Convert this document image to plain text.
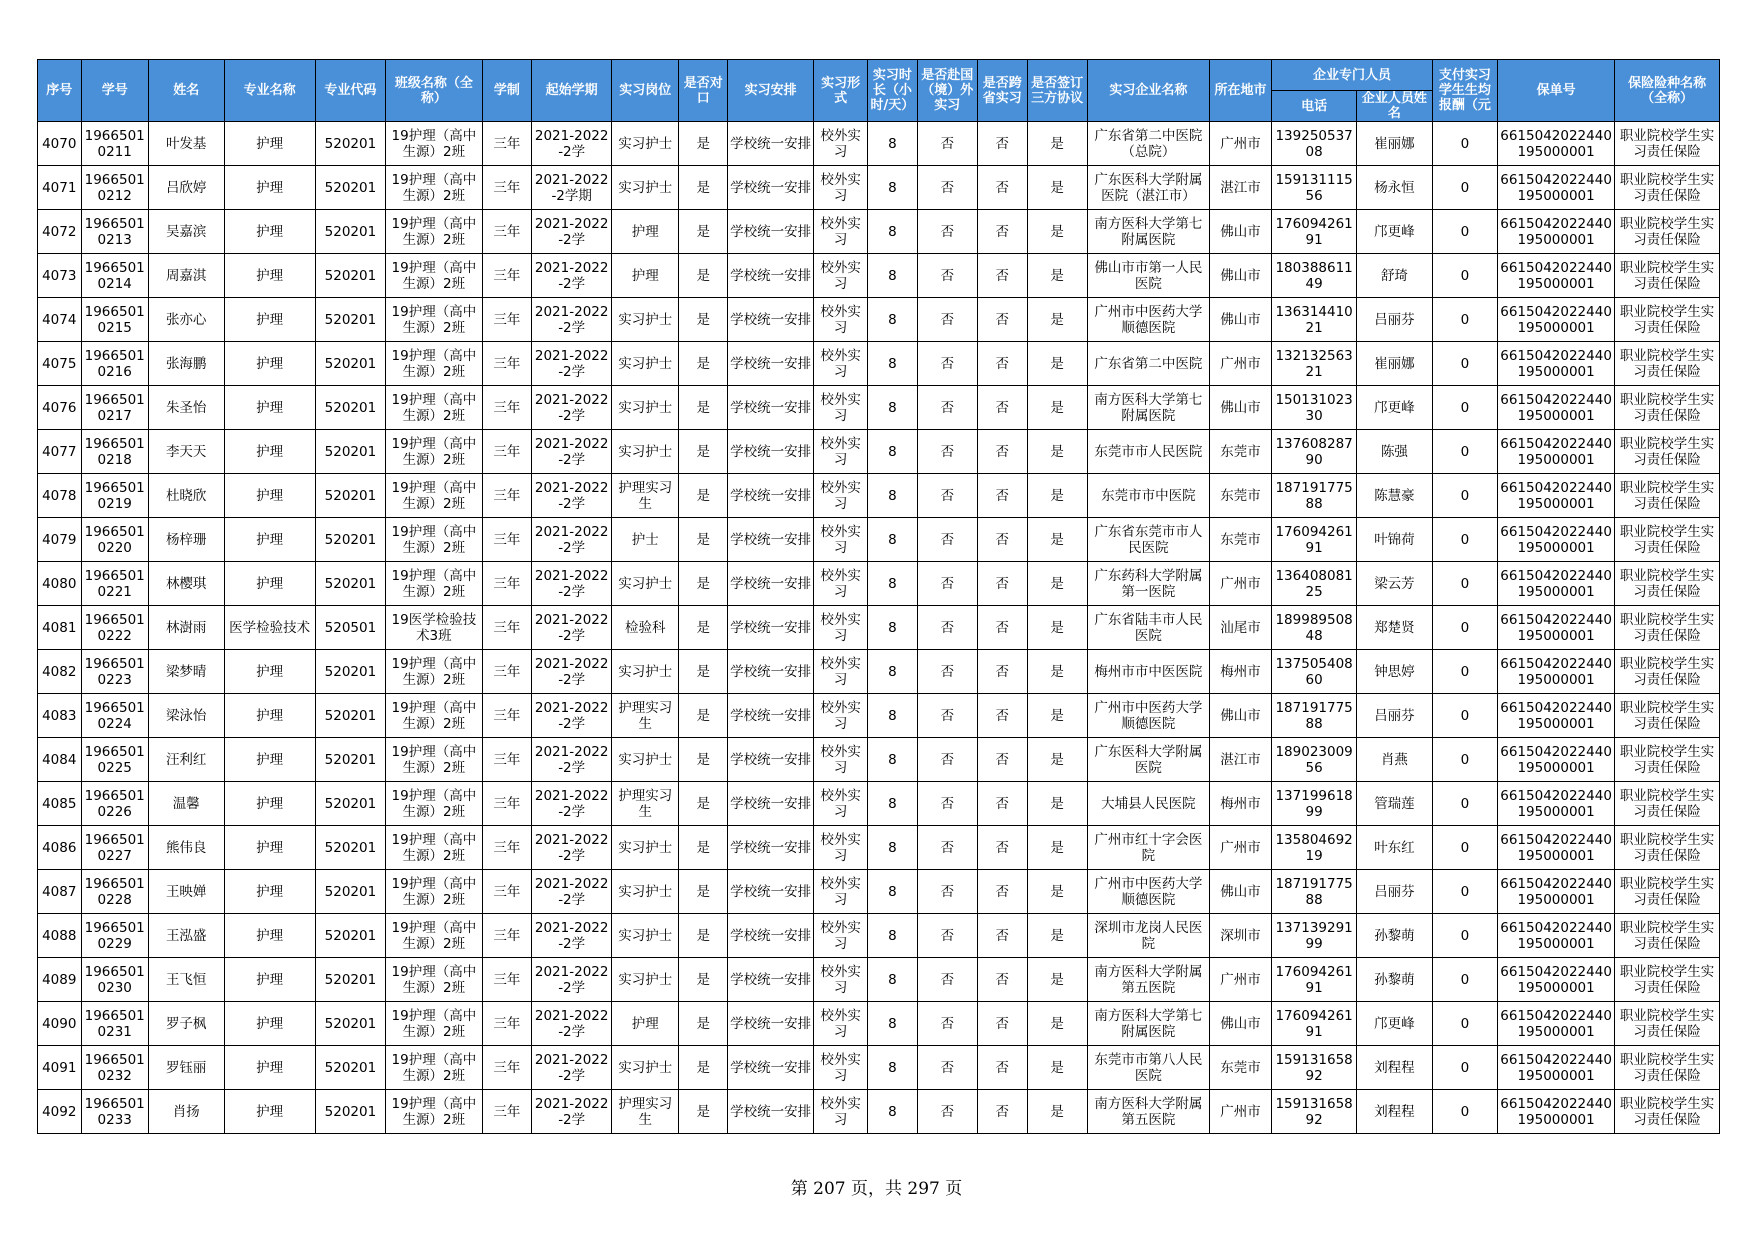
序号	学号	姓名	专业名称	专业代码	班级名称（全称）	学制	起始学期	实习岗位	是否对口	实习安排	实习形式	实习时长（小时/天）	是否赴国（境）外实习	是否跨省实习	是否签订三方协议	实习企业名称	所在地市	企业专门人员		支付实习学生生均报酬（元	保单号	保险险种名称（全称）
																		电话	企业人员姓名			

4070	19665010211	叶发基	护理	520201	19护理（高中生源）2班	三年	2021-2022-2学	实习护士	是	学校统一安排	校外实习	8	否	否	是	广东省第二中医院（总院）	广州市	13925053708	崔丽娜	0	6615042022440195000001	职业院校学生实习责任保险

4071	19665010212	吕欣婷	护理	520201	19护理（高中生源）2班	三年	2021-2022-2学期	实习护士	是	学校统一安排	校外实习	8	否	否	是	广东医科大学附属医院（湛江市）	湛江市	15913111556	杨永恒	0	6615042022440195000001	职业院校学生实习责任保险

4072	19665010213	吴嘉滨	护理	520201	19护理（高中生源）2班	三年	2021-2022-2学	护理	是	学校统一安排	校外实习	8	否	否	是	南方医科大学第七附属医院	佛山市	17609426191	邝更峰	0	6615042022440195000001	职业院校学生实习责任保险

4073	19665010214	周嘉淇	护理	520201	19护理（高中生源）2班	三年	2021-2022-2学	护理	是	学校统一安排	校外实习	8	否	否	是	佛山市市第一人民医院	佛山市	18038861149	舒琦	0	6615042022440195000001	职业院校学生实习责任保险

4074	19665010215	张亦心	护理	520201	19护理（高中生源）2班	三年	2021-2022-2学	实习护士	是	学校统一安排	校外实习	8	否	否	是	广州市中医药大学顺德医院	佛山市	13631441021	吕丽芬	0	6615042022440195000001	职业院校学生实习责任保险

4075	19665010216	张海鹏	护理	520201	19护理（高中生源）2班	三年	2021-2022-2学	实习护士	是	学校统一安排	校外实习	8	否	否	是	广东省第二中医院	广州市	13213256321	崔丽娜	0	6615042022440195000001	职业院校学生实习责任保险

4076	19665010217	朱圣怡	护理	520201	19护理（高中生源）2班	三年	2021-2022-2学	实习护士	是	学校统一安排	校外实习	8	否	否	是	南方医科大学第七附属医院	佛山市	15013102330	邝更峰	0	6615042022440195000001	职业院校学生实习责任保险

4077	19665010218	李天天	护理	520201	19护理（高中生源）2班	三年	2021-2022-2学	实习护士	是	学校统一安排	校外实习	8	否	否	是	东莞市市人民医院	东莞市	13760828790	陈强	0	6615042022440195000001	职业院校学生实习责任保险

4078	19665010219	杜晓欣	护理	520201	19护理（高中生源）2班	三年	2021-2022-2学	护理实习生	是	学校统一安排	校外实习	8	否	否	是	东莞市市中医院	东莞市	18719177588	陈慧豪	0	6615042022440195000001	职业院校学生实习责任保险

4079	19665010220	杨梓珊	护理	520201	19护理（高中生源）2班	三年	2021-2022-2学	护士	是	学校统一安排	校外实习	8	否	否	是	广东省东莞市市人民医院	东莞市	17609426191	叶锦荷	0	6615042022440195000001	职业院校学生实习责任保险

4080	19665010221	林樱琪	护理	520201	19护理（高中生源）2班	三年	2021-2022-2学	实习护士	是	学校统一安排	校外实习	8	否	否	是	广东药科大学附属第一医院	广州市	13640808125	梁云芳	0	6615042022440195000001	职业院校学生实习责任保险

4081	19665010222	林澍雨	医学检验技术	520501	19医学检验技术3班	三年	2021-2022-2学	检验科	是	学校统一安排	校外实习	8	否	否	是	广东省陆丰市人民医院	汕尾市	18998950848	郑楚贤	0	6615042022440195000001	职业院校学生实习责任保险

4082	19665010223	梁梦晴	护理	520201	19护理（高中生源）2班	三年	2021-2022-2学	实习护士	是	学校统一安排	校外实习	8	否	否	是	梅州市市中医医院	梅州市	13750540860	钟思婷	0	6615042022440195000001	职业院校学生实习责任保险

4083	19665010224	梁泳怡	护理	520201	19护理（高中生源）2班	三年	2021-2022-2学	护理实习生	是	学校统一安排	校外实习	8	否	否	是	广州市中医药大学顺德医院	佛山市	18719177588	吕丽芬	0	6615042022440195000001	职业院校学生实习责任保险

4084	19665010225	汪利红	护理	520201	19护理（高中生源）2班	三年	2021-2022-2学	实习护士	是	学校统一安排	校外实习	8	否	否	是	广东医科大学附属医院	湛江市	18902300956	肖燕	0	6615042022440195000001	职业院校学生实习责任保险

4085	19665010226	温馨	护理	520201	19护理（高中生源）2班	三年	2021-2022-2学	护理实习生	是	学校统一安排	校外实习	8	否	否	是	大埔县人民医院	梅州市	13719961899	管瑞莲	0	6615042022440195000001	职业院校学生实习责任保险

4086	19665010227	熊伟良	护理	520201	19护理（高中生源）2班	三年	2021-2022-2学	实习护士	是	学校统一安排	校外实习	8	否	否	是	广州市红十字会医院	广州市	13580469219	叶东红	0	6615042022440195000001	职业院校学生实习责任保险

4087	19665010228	王映婵	护理	520201	19护理（高中生源）2班	三年	2021-2022-2学	实习护士	是	学校统一安排	校外实习	8	否	否	是	广州市中医药大学顺德医院	佛山市	18719177588	吕丽芬	0	6615042022440195000001	职业院校学生实习责任保险

4088	19665010229	王泓盛	护理	520201	19护理（高中生源）2班	三年	2021-2022-2学	实习护士	是	学校统一安排	校外实习	8	否	否	是	深圳市龙岗人民医院	深圳市	13713929199	孙黎萌	0	6615042022440195000001	职业院校学生实习责任保险

4089	19665010230	王飞恒	护理	520201	19护理（高中生源）2班	三年	2021-2022-2学	实习护士	是	学校统一安排	校外实习	8	否	否	是	南方医科大学附属第五医院	广州市	17609426191	孙黎萌	0	6615042022440195000001	职业院校学生实习责任保险

4090	19665010231	罗子枫	护理	520201	19护理（高中生源）2班	三年	2021-2022-2学	护理	是	学校统一安排	校外实习	8	否	否	是	南方医科大学第七附属医院	佛山市	17609426191	邝更峰	0	6615042022440195000001	职业院校学生实习责任保险

4091	19665010232	罗钰丽	护理	520201	19护理（高中生源）2班	三年	2021-2022-2学	实习护士	是	学校统一安排	校外实习	8	否	否	是	东莞市市第八人民医院	东莞市	15913165892	刘程程	0	6615042022440195000001	职业院校学生实习责任保险

4092	19665010233	肖扬	护理	520201	19护理（高中生源）2班	三年	2021-2022-2学	护理实习生	是	学校统一安排	校外实习	8	否	否	是	南方医科大学附属第五医院	广州市	15913165892	刘程程	0	6615042022440195000001	职业院校学生实习责任保险
第 207 页，共 297 页
